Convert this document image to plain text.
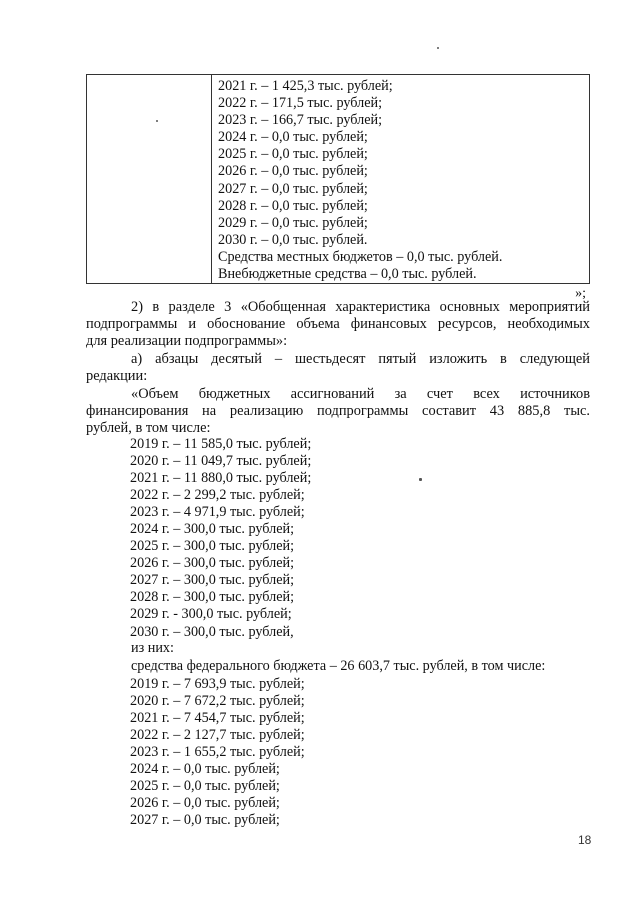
2021 г. – 1 425,3 тыс. рублей;
2022 г. – 171,5 тыс. рублей;
2023 г. – 166,7 тыс. рублей;
2024 г. – 0,0 тыс. рублей;
2025 г. – 0,0 тыс. рублей;
2026 г. – 0,0 тыс. рублей;
2027 г. – 0,0 тыс. рублей;
2028 г. – 0,0 тыс. рублей;
2029 г. – 0,0 тыс. рублей;
2030 г. – 0,0 тыс. рублей.
Средства местных бюджетов – 0,0 тыс. рублей.
Внебюджетные средства – 0,0 тыс. рублей.
»;

2) в разделе 3 «Обобщенная характеристика основных мероприятий

подпрограммы и обоснование объема финансовых ресурсов, необходимых

для реализации подпрограммы»:

а) абзацы десятый – шестьдесят пятый изложить в следующей

редакции:

«Объем бюджетных ассигнований за счет всех источников

финансирования на реализацию подпрограммы составит 43 885,8 тыс.

рублей, в том числе:

2019 г. – 11 585,0 тыс. рублей;
2020 г. – 11 049,7 тыс. рублей;
2021 г. – 11 880,0 тыс. рублей;
2022 г. – 2 299,2 тыс. рублей;
2023 г. – 4 971,9 тыс. рублей;
2024 г. – 300,0 тыс. рублей;
2025 г. – 300,0 тыс. рублей;
2026 г. – 300,0 тыс. рублей;
2027 г. – 300,0 тыс. рублей;
2028 г. – 300,0 тыс. рублей;
2029 г. - 300,0 тыс. рублей;
2030 г. – 300,0 тыс. рублей,
из них:
средства федерального бюджета – 26 603,7 тыс. рублей, в том числе:
2019 г. – 7 693,9 тыс. рублей;
2020 г. – 7 672,2 тыс. рублей;
2021 г. – 7 454,7 тыс. рублей;
2022 г. – 2 127,7 тыс. рублей;
2023 г. – 1 655,2 тыс. рублей;
2024 г. – 0,0 тыс. рублей;
2025 г. – 0,0 тыс. рублей;
2026 г. – 0,0 тыс. рублей;
2027 г. – 0,0 тыс. рублей;
18
